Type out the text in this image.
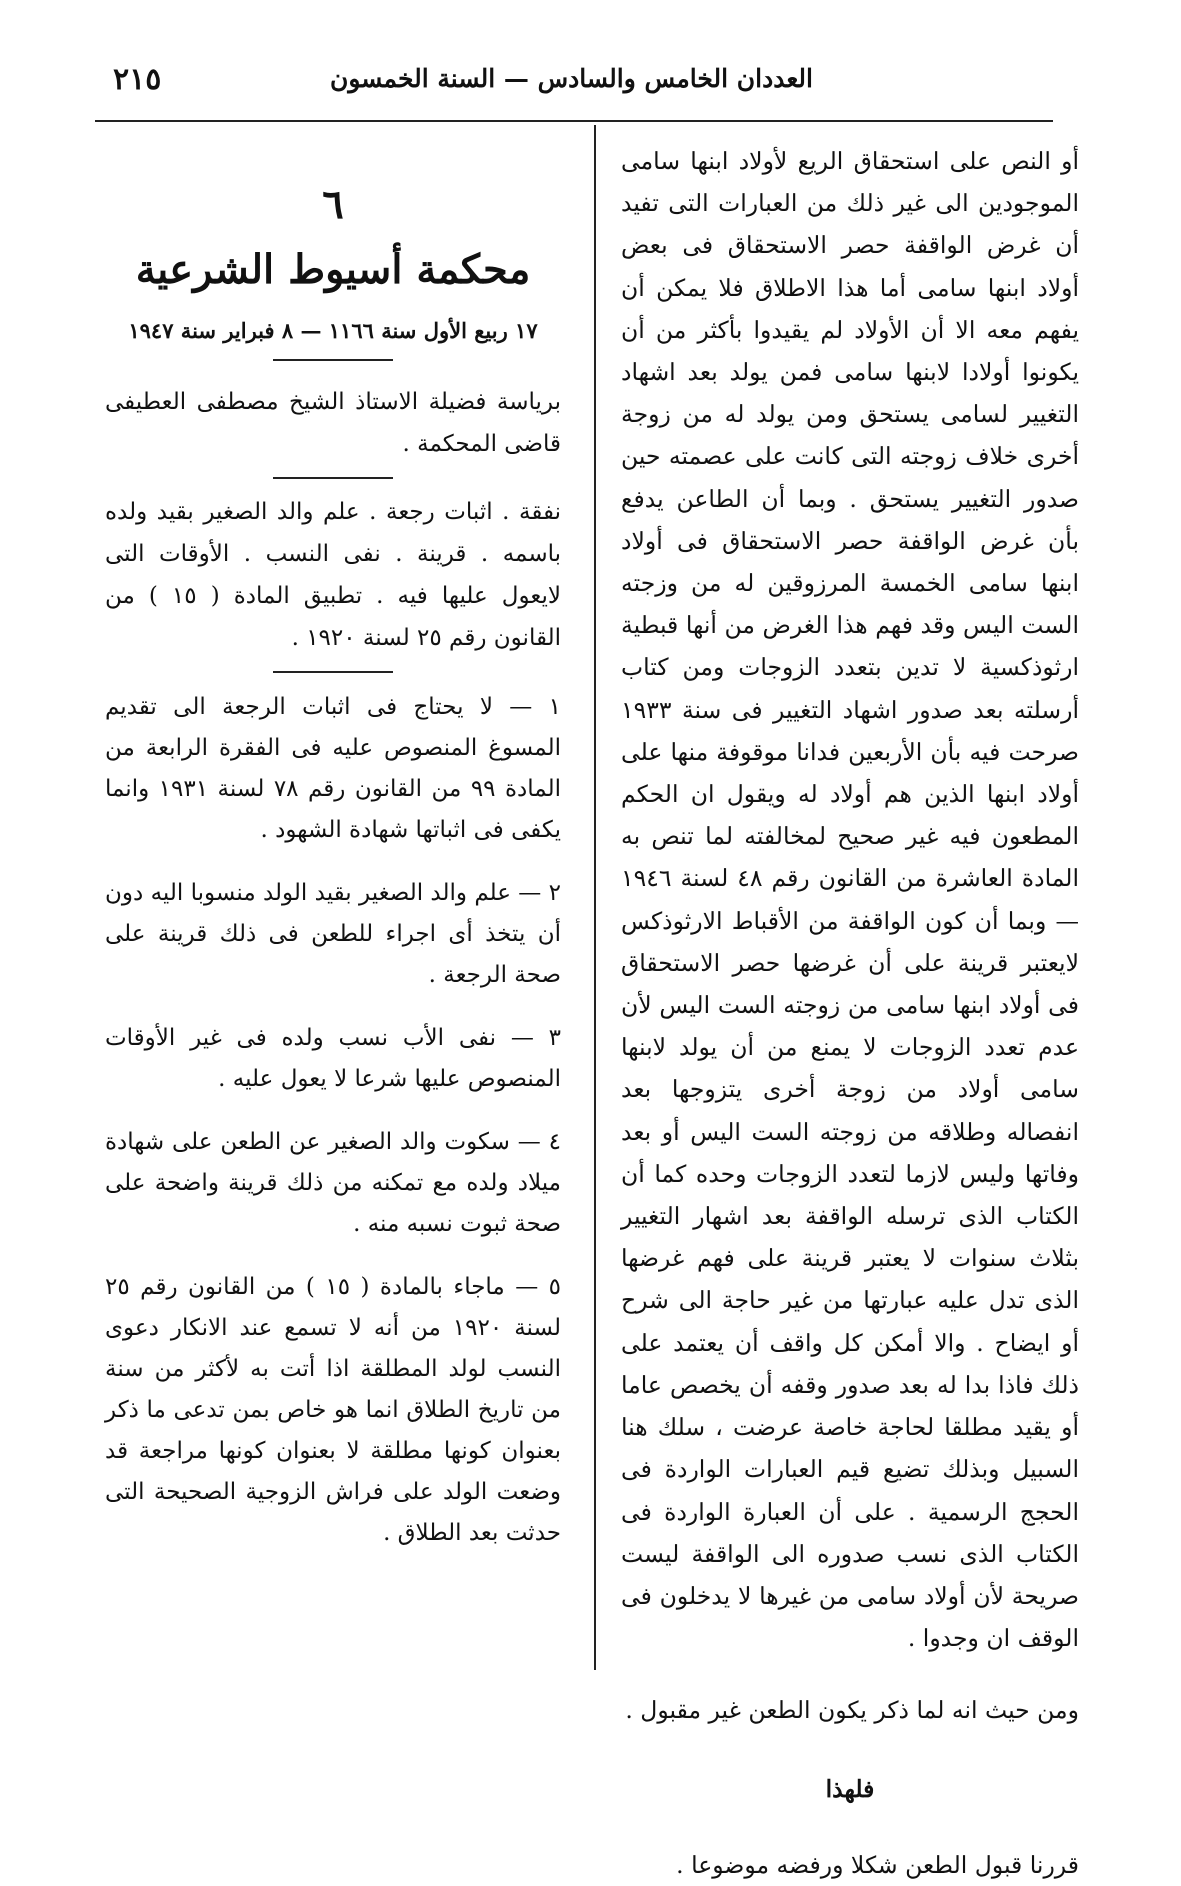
العددان الخامس والسادس — السنة الخمسون
٢١٥

أو النص على استحقاق الريع لأولاد ابنها سامى الموجودين الى غير ذلك من العبارات التى تفيد أن غرض الواقفة حصر الاستحقاق فى بعض أولاد ابنها سامى أما هذا الاطلاق فلا يمكن أن يفهم معه الا أن الأولاد لم يقيدوا بأكثر من أن يكونوا أولادا لابنها سامى فمن يولد بعد اشهاد التغيير لسامى يستحق ومن يولد له من زوجة أخرى خلاف زوجته التى كانت على عصمته حين صدور التغيير يستحق . وبما أن الطاعن يدفع بأن غرض الواقفة حصر الاستحقاق فى أولاد ابنها سامى الخمسة المرزوقين له من وزجته الست اليس وقد فهم هذا الغرض من أنها قبطية ارثوذكسية لا تدين بتعدد الزوجات ومن كتاب أرسلته بعد صدور اشهاد التغيير فى سنة ١٩٣٣ صرحت فيه بأن الأربعين فدانا موقوفة منها على أولاد ابنها الذين هم أولاد له ويقول ان الحكم المطعون فيه غير صحيح لمخالفته لما تنص به المادة العاشرة من القانون رقم ٤٨ لسنة ١٩٤٦ — وبما أن كون الواقفة من الأقباط الارثوذكس لايعتبر قرينة على أن غرضها حصر الاستحقاق فى أولاد ابنها سامى من زوجته الست اليس لأن عدم تعدد الزوجات لا يمنع من أن يولد لابنها سامى أولاد من زوجة أخرى يتزوجها بعد انفصاله وطلاقه من زوجته الست اليس أو بعد وفاتها وليس لازما لتعدد الزوجات وحده كما أن الكتاب الذى ترسله الواقفة بعد اشهار التغيير بثلاث سنوات لا يعتبر قرينة على فهم غرضها الذى تدل عليه عبارتها من غير حاجة الى شرح أو ايضاح . والا أمكن كل واقف أن يعتمد على ذلك فاذا بدا له بعد صدور وقفه أن يخصص عاما أو يقيد مطلقا لحاجة خاصة عرضت ، سلك هنا السبيل وبذلك تضيع قيم العبارات الواردة فى الحجج الرسمية . على أن العبارة الواردة فى الكتاب الذى نسب صدوره الى الواقفة ليست صريحة لأن أولاد سامى من غيرها لا يدخلون فى الوقف ان وجدوا .

ومن حيث انه لما ذكر يكون الطعن غير مقبول .

فلهذا

قررنا قبول الطعن شكلا ورفضه موضوعا .

٦

محكمة أسيوط الشرعية

١٧ ربيع الأول سنة ١١٦٦ — ٨ فبراير سنة ١٩٤٧

برياسة فضيلة الاستاذ الشيخ مصطفى العطيفى قاضى المحكمة .

نفقة . اثبات رجعة . علم والد الصغير بقيد ولده باسمه . قرينة . نفى النسب . الأوقات التى لايعول عليها فيه . تطبيق المادة ( ١٥ ) من القانون رقم ٢٥ لسنة ١٩٢٠ .

١ — لا يحتاج فى اثبات الرجعة الى تقديم المسوغ المنصوص عليه فى الفقرة الرابعة من المادة ٩٩ من القانون رقم ٧٨ لسنة ١٩٣١ وانما يكفى فى اثباتها شهادة الشهود .

٢ — علم والد الصغير بقيد الولد منسوبا اليه دون أن يتخذ أى اجراء للطعن فى ذلك قرينة على صحة الرجعة .

٣ — نفى الأب نسب ولده فى غير الأوقات المنصوص عليها شرعا لا يعول عليه .

٤ — سكوت والد الصغير عن الطعن على شهادة ميلاد ولده مع تمكنه من ذلك قرينة واضحة على صحة ثبوت نسبه منه .

٥ — ماجاء بالمادة ( ١٥ ) من القانون رقم ٢٥ لسنة ١٩٢٠ من أنه لا تسمع عند الانكار دعوى النسب لولد المطلقة اذا أتت به لأكثر من سنة من تاريخ الطلاق انما هو خاص بمن تدعى ما ذكر بعنوان كونها مطلقة لا بعنوان كونها مراجعة قد وضعت الولد على فراش الزوجية الصحيحة التى حدثت بعد الطلاق .
